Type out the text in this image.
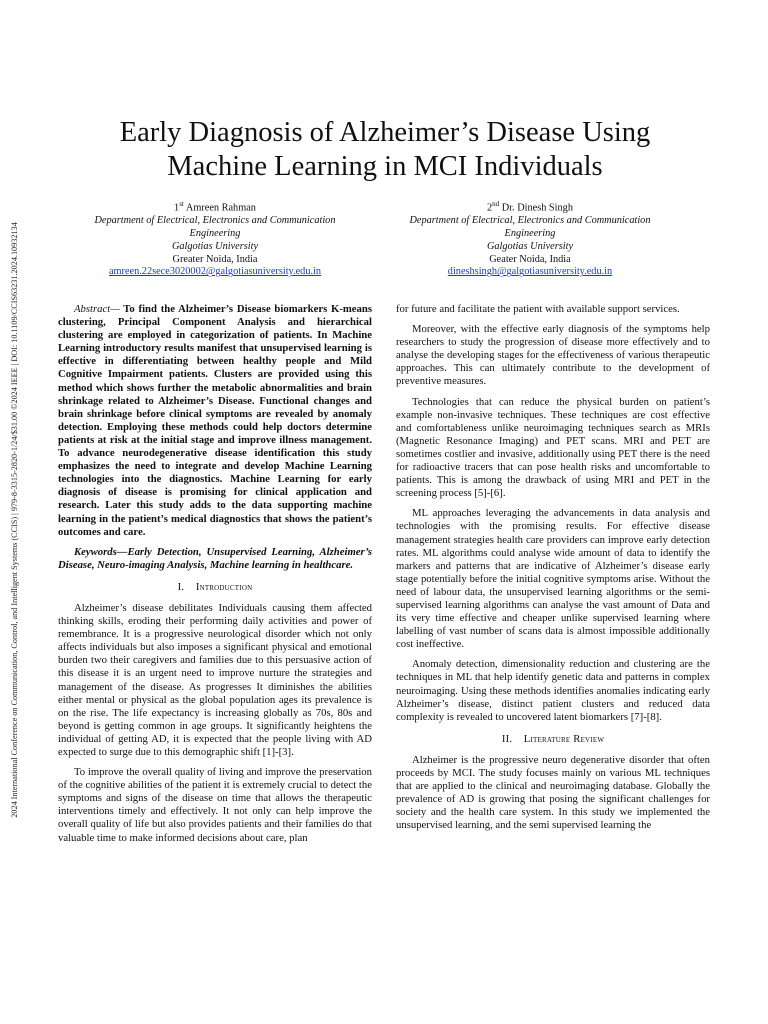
2024 International Conference on Communication, Control, and Intelligent Systems (CCIS) | 979-8-3315-2820-1/24/$31.00 ©2024 IEEE | DOI: 10.1109/CCIS63231.2024.10932134
Early Diagnosis of Alzheimer’s Disease Using
Machine Learning in MCI Individuals
1st Amreen Rahman
Department of Electrical, Electronics and Communication
Engineering
Galgotias University
Greater Noida, India
amreen.22sece3020002@galgotiasuniversity.edu.in
2nd Dr. Dinesh Singh
Department of Electrical, Electronics and Communication
Engineering
Galgotias University
Geater Noida, India
dineshsingh@galgotiasuniversity.edu.in

Abstract— To find the Alzheimer’s Disease biomarkers K-means clustering, Principal Component Analysis and hierarchical clustering are employed in categorization of patients. In Machine Learning introductory results manifest that unsupervised learning is effective in differentiating between healthy people and Mild Cognitive Impairment patients. Clusters are provided using this method which shows further the metabolic abnormalities and brain shrinkage related to Alzheimer’s Disease. Functional changes and brain shrinkage before clinical symptoms are revealed by anomaly detection. Employing these methods could help doctors determine patients at risk at the initial stage and improve illness management. To advance neurodegenerative disease identification this study emphasizes the need to integrate and develop Machine Learning technologies into the diagnostics. Machine Learning for early diagnosis of disease is promising for clinical application and research. Later this study adds to the data supporting machine learning in the patient’s medical diagnostics that shows the patient’s outcomes and care.

Keywords—Early Detection, Unsupervised Learning, Alzheimer’s Disease, Neuro-imaging Analysis, Machine learning in healthcare.

I. Introduction

Alzheimer’s disease debilitates Individuals causing them affected thinking skills, eroding their performing daily activities and power of remembrance. It is a progressive neurological disorder which not only affects individuals but also imposes a significant physical and emotional burden two their caregivers and families due to this persuasive action of this disease it is an urgent need to improve nurture the strategies and management of the disease. As progresses It diminishes the abilities either mental or physical as the global population ages its prevalence is on the rise. The life expectancy is increasing globally as 70s, 80s and beyond is getting common in age groups. It significantly heightens the individual of getting AD, it is expected that the people living with AD expected to surge due to this demographic shift [1]-[3].

To improve the overall quality of living and improve the preservation of the cognitive abilities of the patient it is extremely crucial to detect the symptoms and signs of the disease on time that allows the therapeutic interventions timely and effectively. It not only can help improve the overall quality of life but also provides patients and their families do that valuable time to make informed decisions about care, plan

for future and facilitate the patient with available support services.

Moreover, with the effective early diagnosis of the symptoms help researchers to study the progression of disease more effectively and to analyse the developing stages for the effectiveness of various therapeutic approaches. This can ultimately contribute to the development of preventive measures.

Technologies that can reduce the physical burden on patient’s example non-invasive techniques. These techniques are cost effective and comfortableness unlike neuroimaging techniques search as MRIs (Magnetic Resonance Imaging) and PET scans. MRI and PET are sometimes costlier and invasive, additionally using PET there is the need for radioactive tracers that can pose health risks and uncomfortable to patients. This is among the drawback of using MRI and PET in the screening process [5]-[6].

ML approaches leveraging the advancements in data analysis and technologies with the promising results. For effective disease management strategies health care providers can improve early detection rates. ML algorithms could analyse wide amount of data to identify the markers and patterns that are indicative of Alzheimer’s disease early stage potentially before the initial cognitive symptoms arise. Without the need of labour data, the unsupervised learning algorithms or the semi-supervised learning algorithms can analyse the vast amount of Data and its very time effective and cheaper unlike supervised learning where labelling of vast number of scans data is almost impossible additionally cost ineffective.

Anomaly detection, dimensionality reduction and clustering are the techniques in ML that help identify genetic data and patterns in complex neuroimaging. Using these methods identifies anomalies indicating early Alzheimer’s disease, distinct patient clusters and reduced data complexity is revealed to uncovered latent biomarkers [7]-[8].

II. Literature Review

Alzheimer is the progressive neuro degenerative disorder that often proceeds by MCI. The study focuses mainly on various ML techniques that are applied to the clinical and neuroimaging database. Globally the prevalence of AD is growing that posing the significant challenges for society and the health care system. In this study we implemented the unsupervised learning, and the semi supervised learning the
